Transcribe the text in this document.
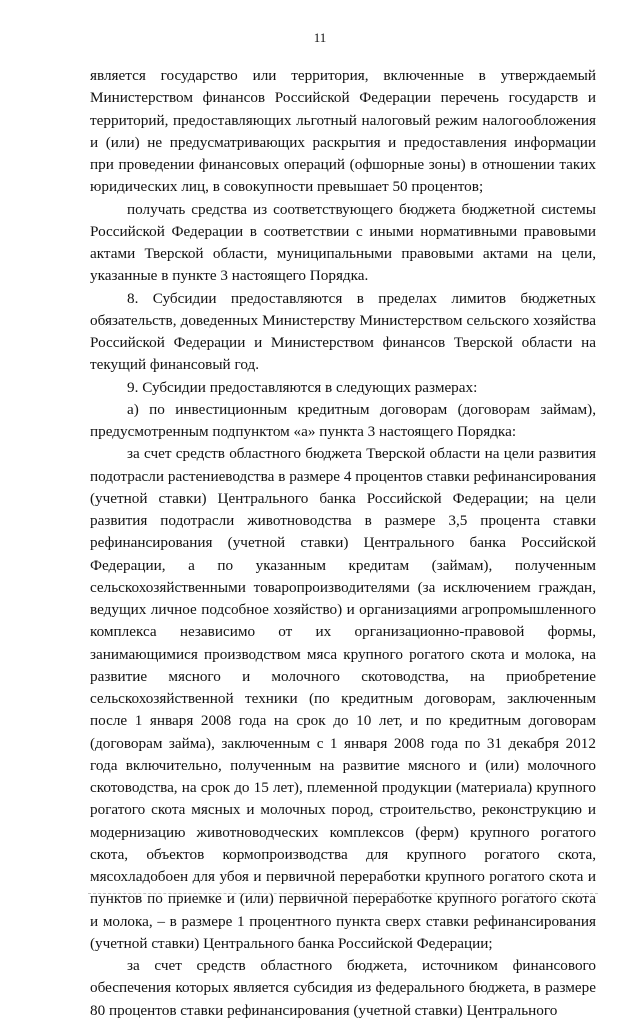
11

является государство или территория, включенные в утверждаемый Министерством финансов Российской Федерации перечень государств и территорий, предоставляющих льготный налоговый режим налогообложения и (или) не предусматривающих раскрытия и предоставления информации при проведении финансовых операций (офшорные зоны) в отношении таких юридических лиц, в совокупности превышает 50 процентов;

получать средства из соответствующего бюджета бюджетной системы Российской Федерации в соответствии с иными нормативными правовыми актами Тверской области, муниципальными правовыми актами на цели, указанные в пункте 3 настоящего Порядка.

8. Субсидии предоставляются в пределах лимитов бюджетных обязательств, доведенных Министерству Министерством сельского хозяйства Российской Федерации и Министерством финансов Тверской области на текущий финансовый год.

9. Субсидии предоставляются в следующих размерах:

а) по инвестиционным кредитным договорам (договорам займам), предусмотренным подпунктом «а» пункта 3 настоящего Порядка:

за счет средств областного бюджета Тверской области на цели развития подотрасли растениеводства в размере 4 процентов ставки рефинансирования (учетной ставки) Центрального банка Российской Федерации; на цели развития подотрасли животноводства в размере 3,5 процента ставки рефинансирования (учетной ставки) Центрального банка Российской Федерации, а по указанным кредитам (займам), полученным сельскохозяйственными товаропроизводителями (за исключением граждан, ведущих личное подсобное хозяйство) и организациями агропромышленного комплекса независимо от их организационно-правовой формы, занимающимися производством мяса крупного рогатого скота и молока, на развитие мясного и молочного скотоводства, на приобретение сельскохозяйственной техники (по кредитным договорам, заключенным после 1 января 2008 года на срок до 10 лет, и по кредитным договорам (договорам займа), заключенным с 1 января 2008 года по 31 декабря 2012 года включительно, полученным на развитие мясного и (или) молочного скотоводства, на срок до 15 лет), племенной продукции (материала) крупного рогатого скота мясных и молочных пород, строительство, реконструкцию и модернизацию животноводческих комплексов (ферм) крупного рогатого скота, объектов кормопроизводства для крупного рогатого скота, мясохладобоен для убоя и первичной переработки крупного рогатого скота и пунктов по приемке и (или) первичной переработке крупного рогатого скота и молока, – в размере 1 процентного пункта сверх ставки рефинансирования (учетной ставки) Центрального банка Российской Федерации;

за счет средств областного бюджета, источником финансового обеспечения которых является субсидия из федерального бюджета, в размере 80 процентов ставки рефинансирования (учетной ставки) Центрального
